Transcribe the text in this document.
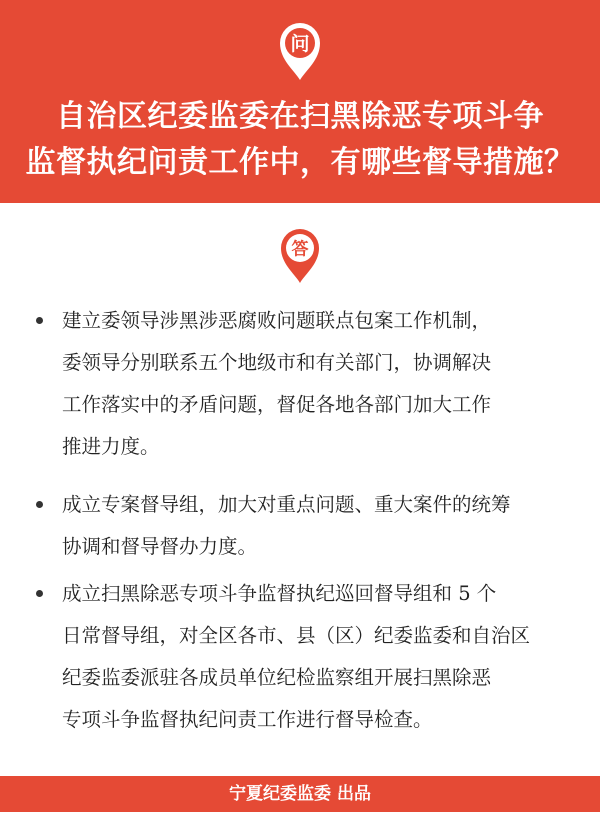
问
自治区纪委监委在扫黑除恶专项斗争
监督执纪问责工作中，有哪些督导措施？
答
建立委领导涉黑涉恶腐败问题联点包案工作机制，
委领导分别联系五个地级市和有关部门，协调解决
工作落实中的矛盾问题，督促各地各部门加大工作
推进力度。
成立专案督导组，加大对重点问题、重大案件的统筹
协调和督导督办力度。
成立扫黑除恶专项斗争监督执纪巡回督导组和 5 个
日常督导组，对全区各市、县（区）纪委监委和自治区
纪委监委派驻各成员单位纪检监察组开展扫黑除恶
专项斗争监督执纪问责工作进行督导检查。
宁夏纪委监委 出品
